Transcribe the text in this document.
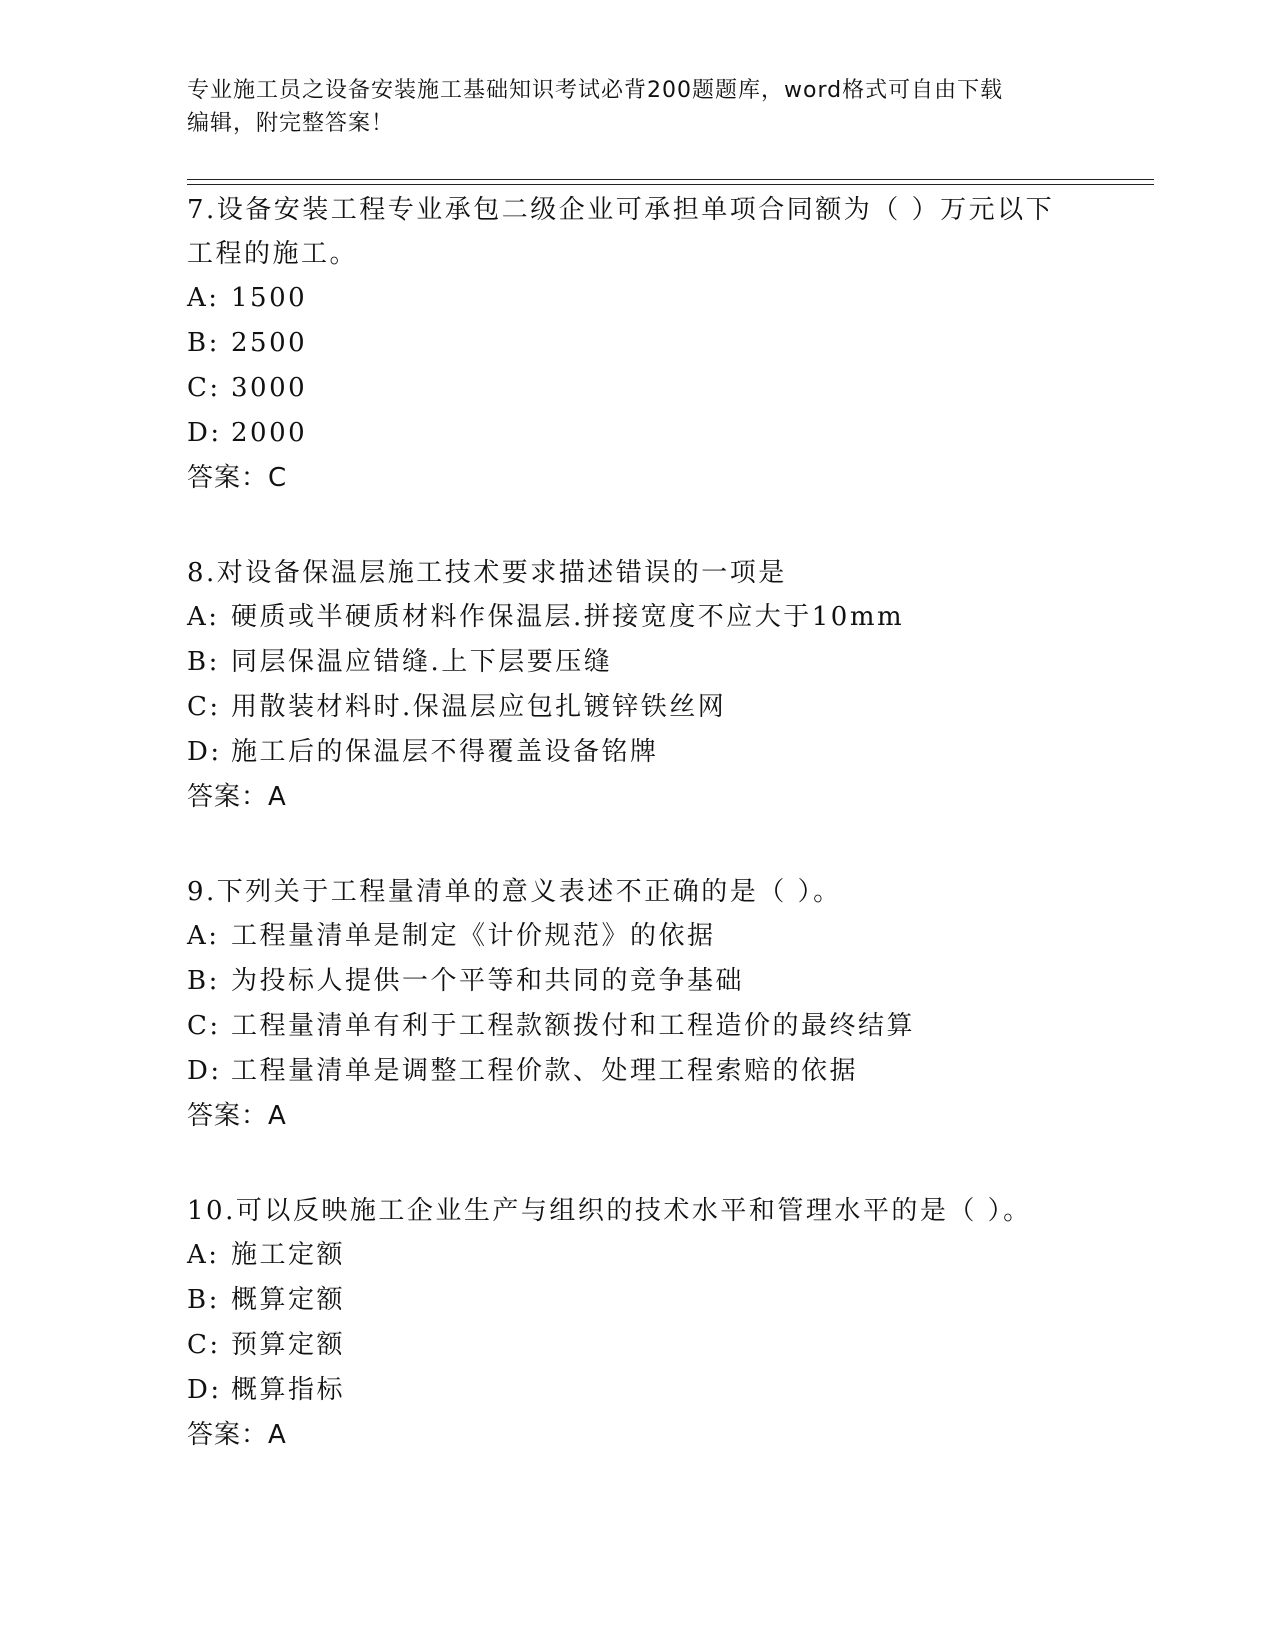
专业施工员之设备安装施工基础知识考试必背200题题库，word格式可自由下载
编辑，附完整答案！

7.设备安装工程专业承包二级企业可承担单项合同额为（ ）万元以下

工程的施工。

A: 1500

B: 2500

C: 3000

D: 2000

答案：C

8.对设备保温层施工技术要求描述错误的一项是

A: 硬质或半硬质材料作保温层.拼接宽度不应大于10mm

B: 同层保温应错缝.上下层要压缝

C: 用散装材料时.保温层应包扎镀锌铁丝网

D: 施工后的保温层不得覆盖设备铭牌

答案：A

9.下列关于工程量清单的意义表述不正确的是（ ）。

A: 工程量清单是制定《计价规范》的依据

B: 为投标人提供一个平等和共同的竞争基础

C: 工程量清单有利于工程款额拨付和工程造价的最终结算

D: 工程量清单是调整工程价款、处理工程索赔的依据

答案：A

10.可以反映施工企业生产与组织的技术水平和管理水平的是（ ）。

A: 施工定额

B: 概算定额

C: 预算定额

D: 概算指标

答案：A
